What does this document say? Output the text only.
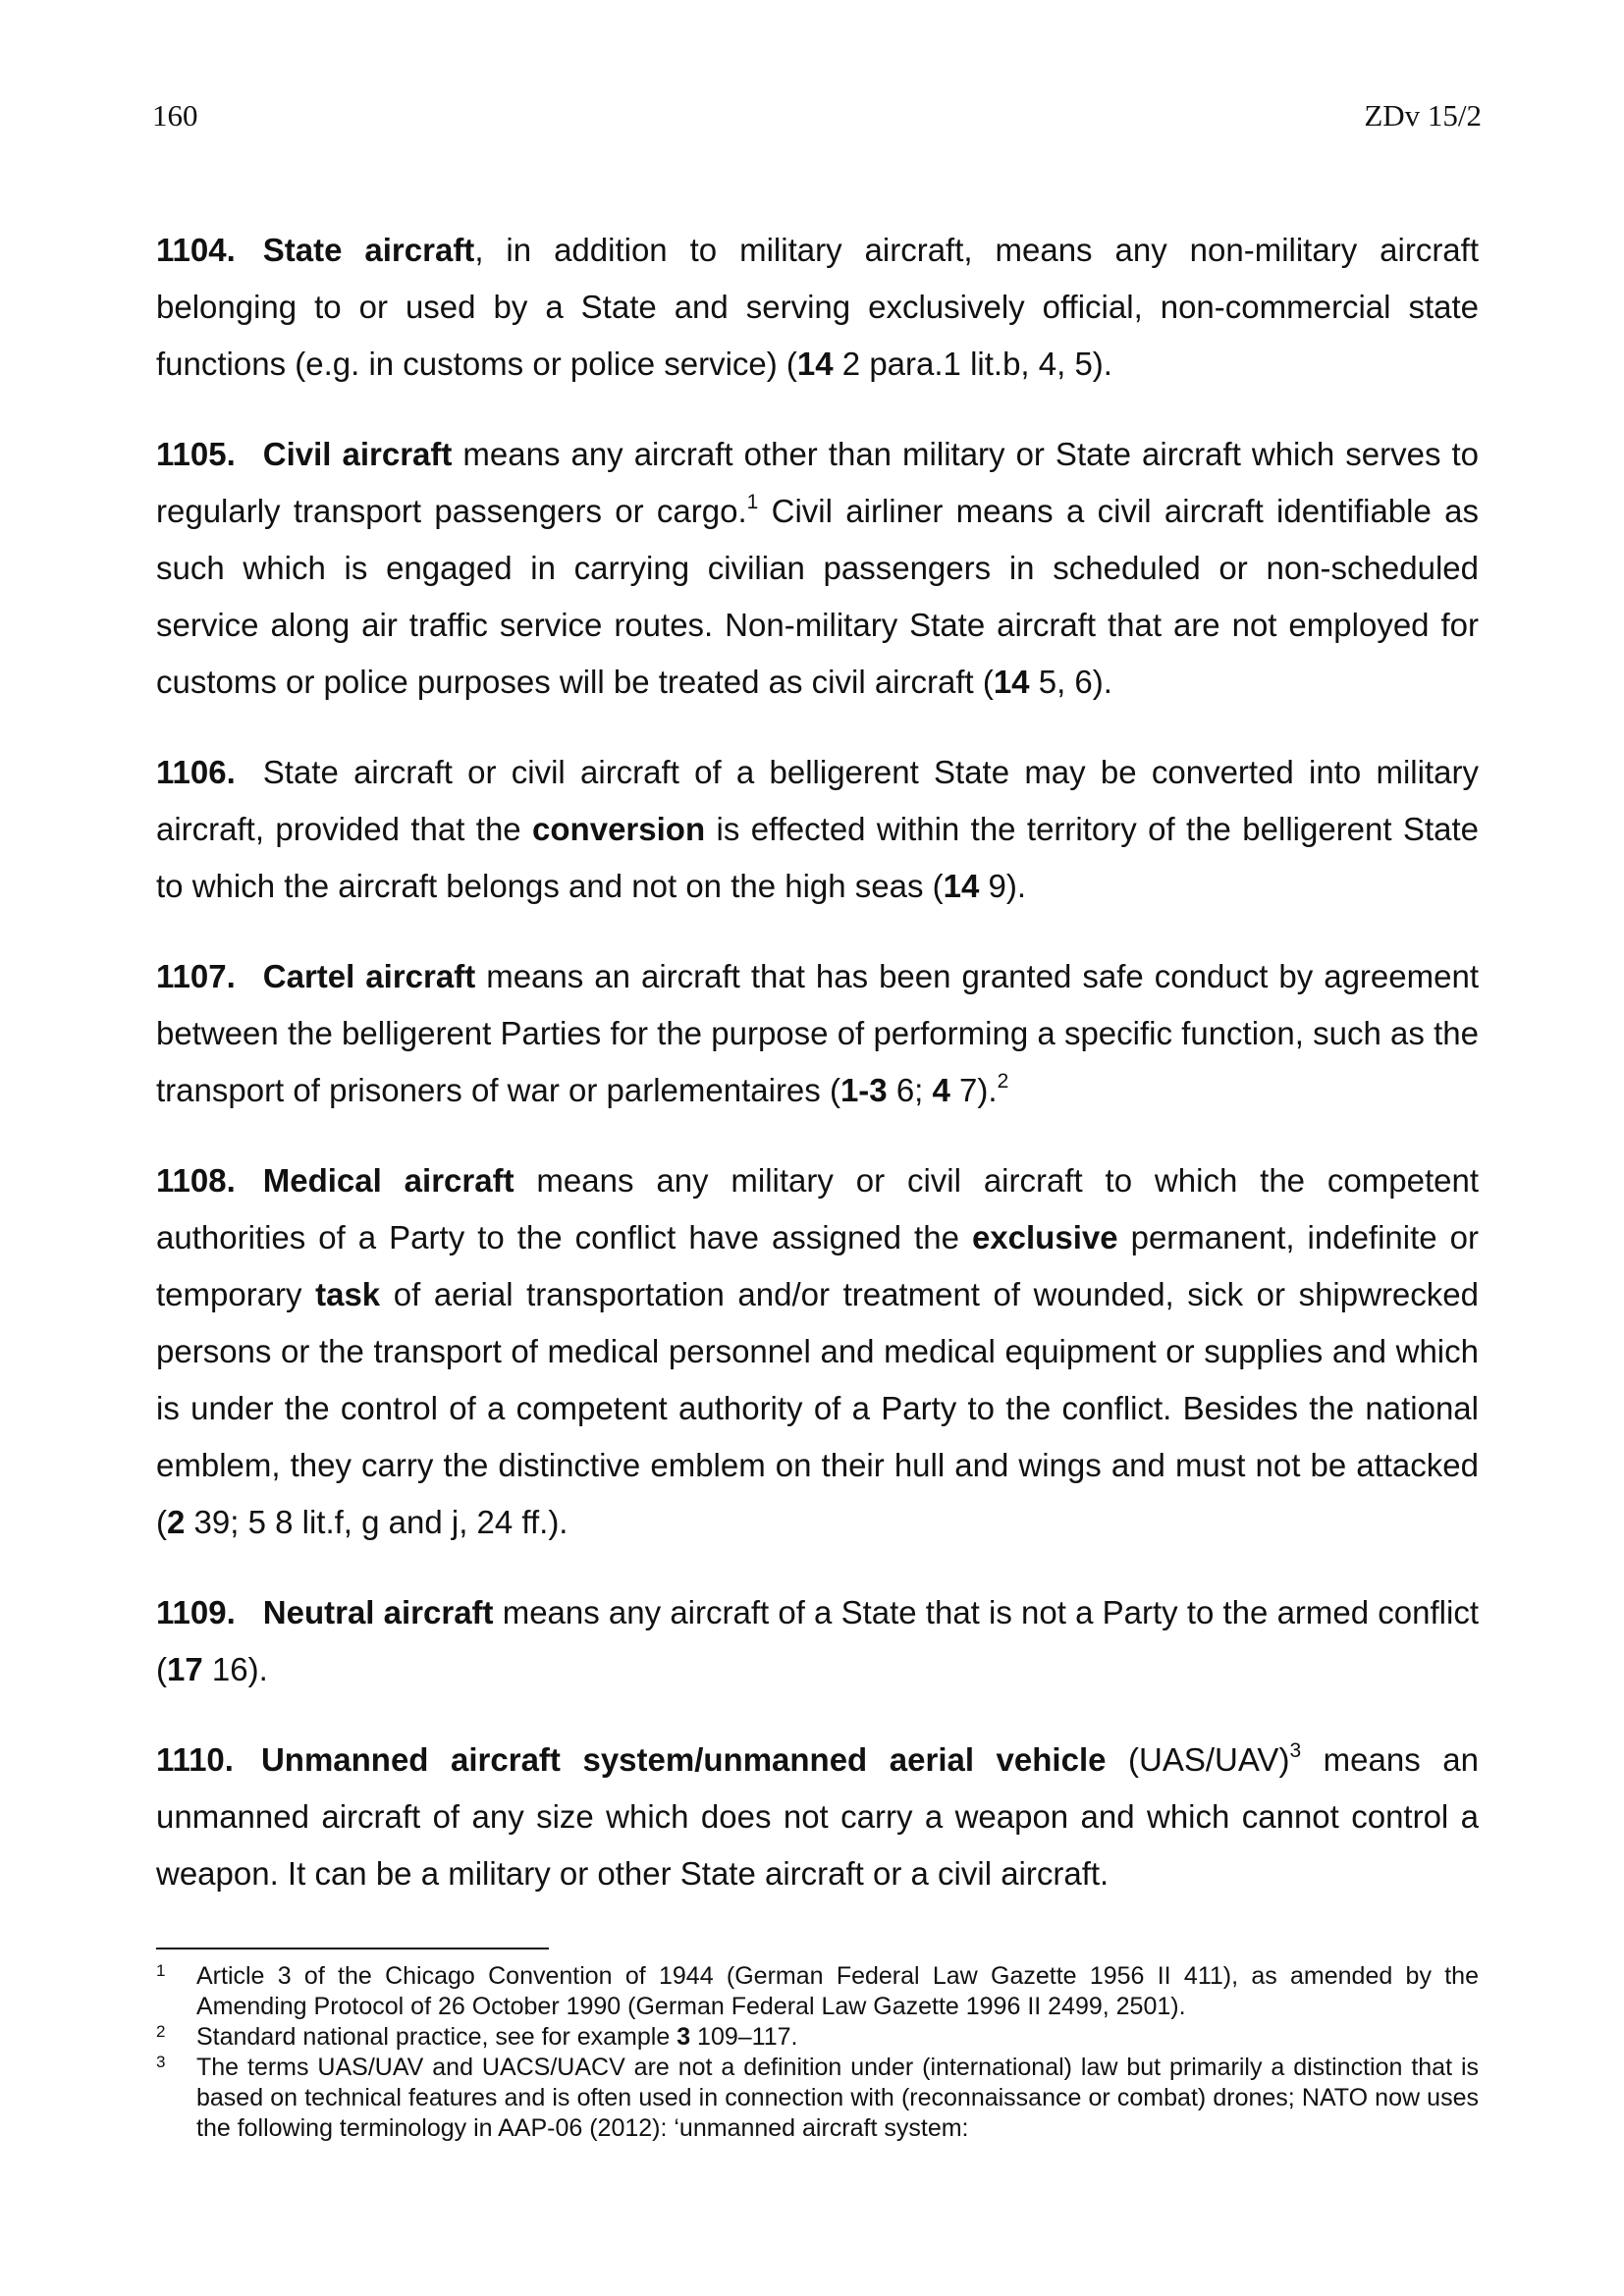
160	ZDv 15/2

1104. State aircraft, in addition to military aircraft, means any non-military aircraft belonging to or used by a State and serving exclusively official, non-commercial state functions (e.g. in customs or police service) (14 2 para.1 lit.b, 4, 5).

1105. Civil aircraft means any aircraft other than military or State aircraft which serves to regularly transport passengers or cargo.$^1$ Civil airliner means a civil aircraft identifiable as such which is engaged in carrying civilian passengers in scheduled or non-scheduled service along air traffic service routes. Non-military State aircraft that are not employed for customs or police purposes will be treated as civil aircraft (14 5, 6).

1106. State aircraft or civil aircraft of a belligerent State may be converted into military aircraft, provided that the conversion is effected within the territory of the belligerent State to which the aircraft belongs and not on the high seas (14 9).

1107. Cartel aircraft means an aircraft that has been granted safe conduct by agreement between the belligerent Parties for the purpose of performing a specific function, such as the transport of prisoners of war or parlementaires (1-3 6; 4 7).$^2$

1108. Medical aircraft means any military or civil aircraft to which the competent authorities of a Party to the conflict have assigned the exclusive permanent, indefinite or temporary task of aerial transportation and/or treatment of wounded, sick or shipwrecked persons or the transport of medical personnel and medical equipment or supplies and which is under the control of a competent authority of a Party to the conflict. Besides the national emblem, they carry the distinctive emblem on their hull and wings and must not be attacked (2 39; 5 8 lit.f, g and j, 24 ff.).

1109. Neutral aircraft means any aircraft of a State that is not a Party to the armed conflict (17 16).

1110. Unmanned aircraft system/unmanned aerial vehicle $(UAS/UAV)^3$ means an unmanned aircraft of any size which does not carry a weapon and which cannot control a weapon. It can be a military or other State aircraft or a civil aircraft.

1 Article 3 of the Chicago Convention of 1944 (German Federal Law Gazette 1956 II 411), as amended by the Amending Protocol of 26 October 1990 (German Federal Law Gazette 1996 II 2499, 2501).

2 Standard national practice, see for example 3 109–117.

3 The terms UAS/UAV and UACS/UACV are not a definition under (international) law but primarily a distinction that is based on technical features and is often used in connection with (reconnaissance or combat) drones; NATO now uses the following terminology in AAP-06 (2012): ‘unmanned aircraft system:
